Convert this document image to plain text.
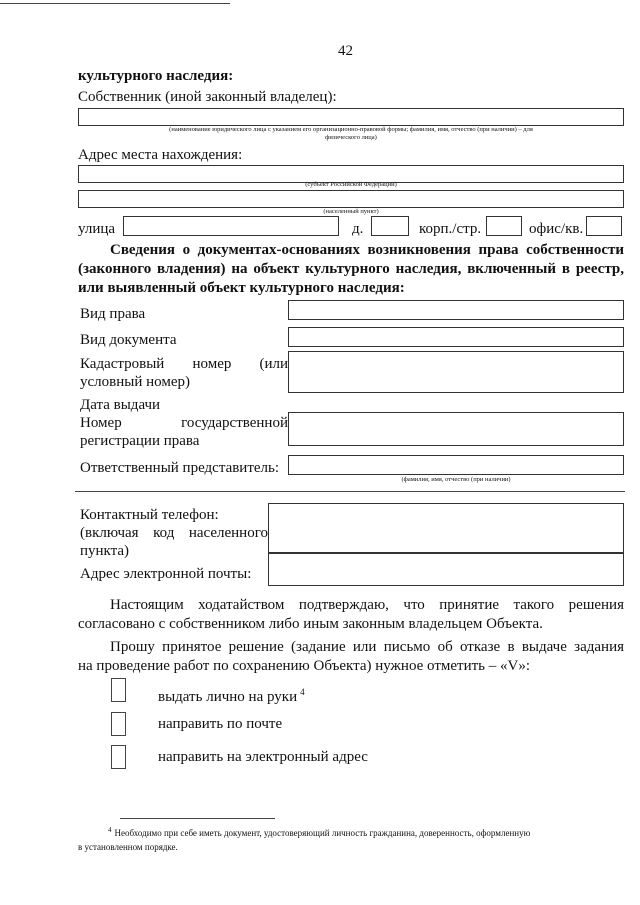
42
культурного наследия:
Собственник (иной законный владелец):
(наименование юридического лица с указанием его организационно-правовой формы; фамилия, имя, отчество (при наличии) – для
физического лица)
Адрес места нахождения:
(субъект Российской Федерации)
(населенный пункт)
улица	д.	корп./стр.	офис/кв.
Сведения о документах-основаниях возникновения права собственности (законного владения) на объект культурного наследия, включенный в реестр, или выявленный объект культурного наследия:
Вид права
Вид документа
Кадастровый номер (или
условный номер)
Дата выдачи
Номер государственной
регистрации права
Ответственный представитель:
(фамилия, имя, отчество (при наличии)
Контактный телефон:
(включая код населенного
пункта)
Адрес электронной почты:
Настоящим ходатайством подтверждаю, что принятие такого решения
согласовано с собственником либо иным законным владельцем Объекта.
Прошу принятое решение (задание или письмо об отказе в выдаче задания
на проведение работ по сохранению Объекта) нужное отметить – «V»:
выдать лично на руки $^4$
направить по почте
направить на электронный адрес
$^4$ Необходимо при себе иметь документ, удостоверяющий личность гражданина, доверенность, оформленную
в установленном порядке.
